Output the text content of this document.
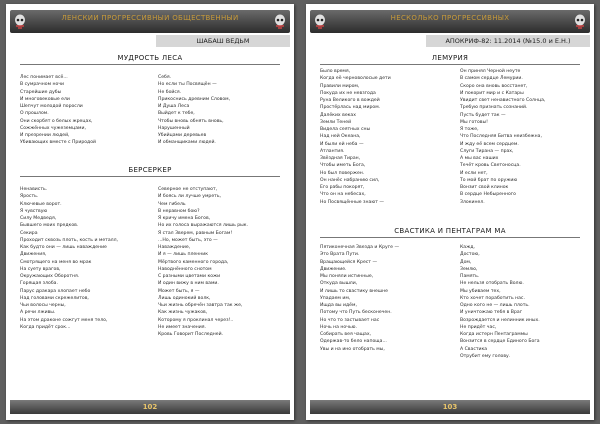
ЛЕНСКИЙ ПРОГРЕССИВНЫЙ ОБЩЕСТВЕННЫЙ
ШАБАШ ВЕДЬМ
МУДРОСТЬ ЛЕСА
Лес понимает всё...
В сумрачном ночи
Старейшие дубы
И многовековые ели
Шепчут молодой поросли
О прошлом.
Они скорбят о белых жрецах,
Сожжённых чужеземцами,
И презрении людей,
Убивающих вместе с Природой
Себя.
Но если ты Посвящён —
Не бойся.
Прикоснись древним Словом,
И Душа Леса
Выйдет к тебе,
Чтобы вновь обнять вновь,
Нарушенный
Убийцами деревьев
И обманщиками людей.
БЕРСЕРКЕР
Ненависть.
Ярость.
Ключевые ворот.
Я чувствую
Силу Медведя,
Бывшего моих предков.
Секира
Проходит сквозь плоть, кость и металл,
Как будто они — лишь наваждение
Движения,
Смотрящего на меня во мрак
На суету врагов,
Окружающих Оборотня.
Горящая злоба.
Парус дракара хлопает небо
Над головами скрежелитов,
Чьи волосы черны,
А речи лживы.
На этом драконе сожгут меня тело,
Когда придёт срок...
Северное не отступают,
И боясь ли лучше умреть,
Чем гибель
В неравном бою?
Я кричу имена Богов,
Но их голоса выражаются лишь рык.
Я стал Зверем, равным Богам!
...Но, может быть, это —
Наваждение,
И я — лишь пленник
Мёртвого каменного города,
Наводнённого снотом
С разными цветами кожи
И один вижу в ним вами.
Может быть, я —
Лишь одинокий волк,
Чьи жизнь обречён завтра так же,
Как жизнь чужаков,
Которому я проклинал через!..
Не имеет значения.
Кровь Говорит Последней.
102
НЕСКОЛЬКО ПРОГРЕССИВНЫХ
АПОКРИФ-82: 11.2014 (№15.0 и Е.Н.)
ЛЕМУРИЯ
Было время,
Когда её черноволосые дети
Правили миром,
Покуда их не невзгода
Руна Великого в вождей
Простёрлась над миром.
Далёких веках
Земли Теней
Видела сеятных сны
Над ней Океана,
И были ей неба —
Атлантия.
Звёздная Тиран,
Чтобы иметь Бога,
Но был повержен.
Он нанёс набранию сил,
Его рабы покорят,
Что он на небесах,
Но Посвящённые знают —
Он принял Черной неуте
В самом сердце Лемурии.
Скоро она вновь восстанет,
И покорит мир и с Катары
Увидит свет ненавистного Солнца,
Требую признать сознаний.
Пусть будет так —
Мы готовы!
Я тоже,
Что Последняя Битва неизбежна,
И жду её всем сердцем.
Слуги Тирана — прах,
А мы вас наших
Течёт кровь Светоносца.
И если нет,
То мой брат по оружию
Вонзит свой клинок
В сердце Небыренного
Злокинел.
СВАСТИКА И ПЕНТАГРАМ МА
Пятиконечная Звезда и Круге —
Это Врата Пути.
Вращающейся Крест —
Движение.
Мы поняли истинные,
Откуда вышли,
И лишь то свастику внешне
Упадаем им,
Ищда вы идём,
Потому что Путь бесконечен.
Но что то застывает нас
Ночь на ночью.
Собирать вея чащах,
Одержав-то бело напоща...
Увы и на ино отобрать мы,
Кажд,
Достою,
Дом,
Землю,
Память.
Не нельзя отобрать Волю.
Мы убиваем тех,
Кто хочет поработить нас.
Одно кого не — лишь плоть.
И уничтожаю тебя в Враг
Возрождается и нелинник иных.
Не придёт час,
Когда истерн Пентаграммы
Вонзится в сердце Единого Бога
А Свастика
Отрубит ему голову.
103
